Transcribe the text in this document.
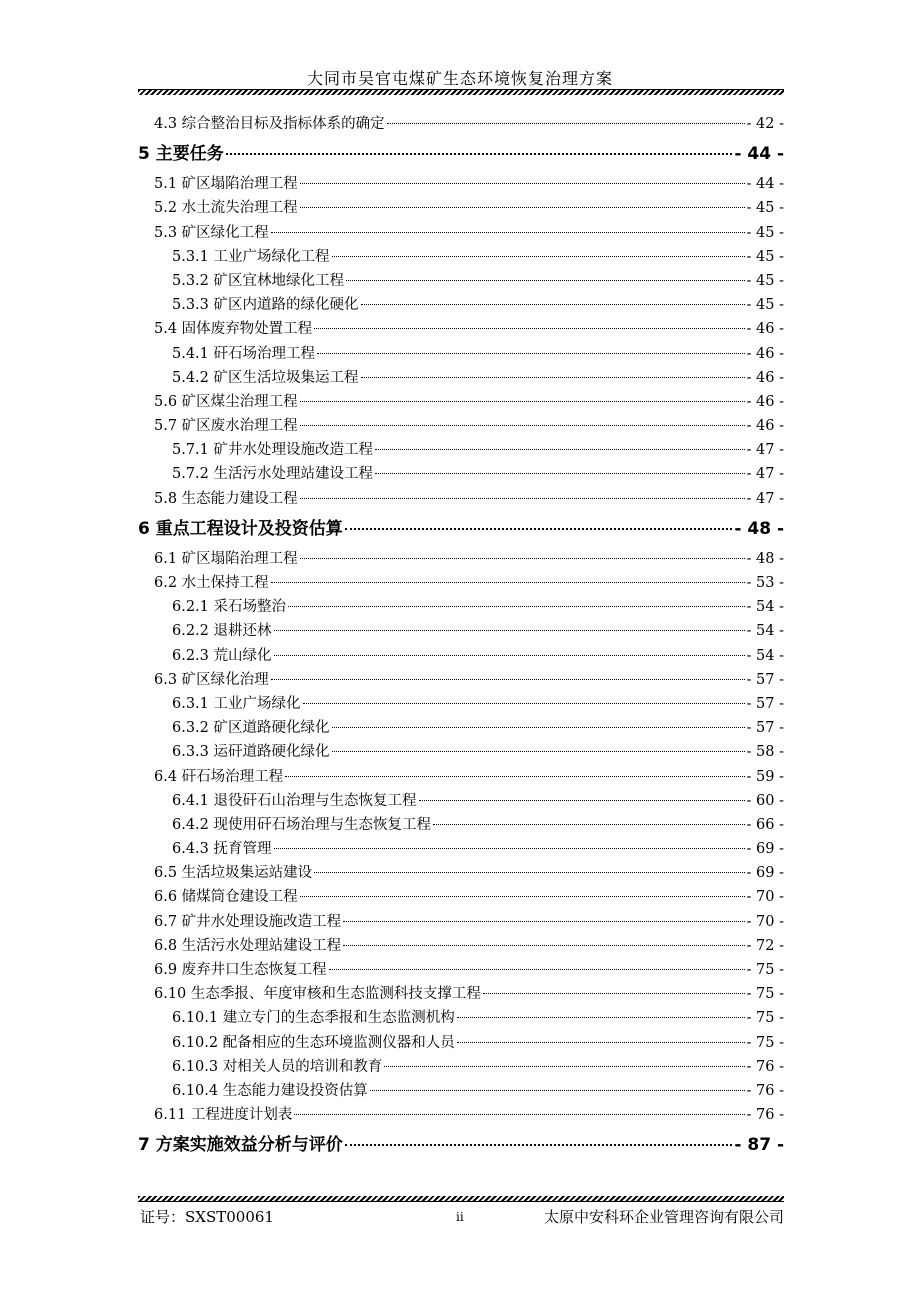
大同市吴官屯煤矿生态环境恢复治理方案
4.3 综合整治目标及指标体系的确定	- 42 -
5 主要任务	- 44 -
5.1 矿区塌陷治理工程	- 44 -
5.2 水土流失治理工程	- 45 -
5.3 矿区绿化工程	- 45 -
5.3.1 工业广场绿化工程	- 45 -
5.3.2 矿区宜林地绿化工程	- 45 -
5.3.3 矿区内道路的绿化硬化	- 45 -
5.4 固体废弃物处置工程	- 46 -
5.4.1 矸石场治理工程	- 46 -
5.4.2 矿区生活垃圾集运工程	- 46 -
5.6 矿区煤尘治理工程	- 46 -
5.7 矿区废水治理工程	- 46 -
5.7.1 矿井水处理设施改造工程	- 47 -
5.7.2 生活污水处理站建设工程	- 47 -
5.8 生态能力建设工程	- 47 -
6 重点工程设计及投资估算	- 48 -
6.1 矿区塌陷治理工程	- 48 -
6.2 水土保持工程	- 53 -
6.2.1 采石场整治	- 54 -
6.2.2 退耕还林	- 54 -
6.2.3 荒山绿化	- 54 -
6.3 矿区绿化治理	- 57 -
6.3.1 工业广场绿化	- 57 -
6.3.2 矿区道路硬化绿化	- 57 -
6.3.3 运矸道路硬化绿化	- 58 -
6.4 矸石场治理工程	- 59 -
6.4.1 退役矸石山治理与生态恢复工程	- 60 -
6.4.2 现使用矸石场治理与生态恢复工程	- 66 -
6.4.3 抚育管理	- 69 -
6.5 生活垃圾集运站建设	- 69 -
6.6 储煤筒仓建设工程	- 70 -
6.7 矿井水处理设施改造工程	- 70 -
6.8 生活污水处理站建设工程	- 72 -
6.9 废弃井口生态恢复工程	- 75 -
6.10 生态季报、年度审核和生态监测科技支撑工程	- 75 -
6.10.1 建立专门的生态季报和生态监测机构	- 75 -
6.10.2 配备相应的生态环境监测仪器和人员	- 75 -
6.10.3 对相关人员的培训和教育	- 76 -
6.10.4 生态能力建设投资估算	- 76 -
6.11 工程进度计划表	- 76 -
7 方案实施效益分析与评价	- 87 -
证号：SXST00061	ii	太原中安科环企业管理咨询有限公司
